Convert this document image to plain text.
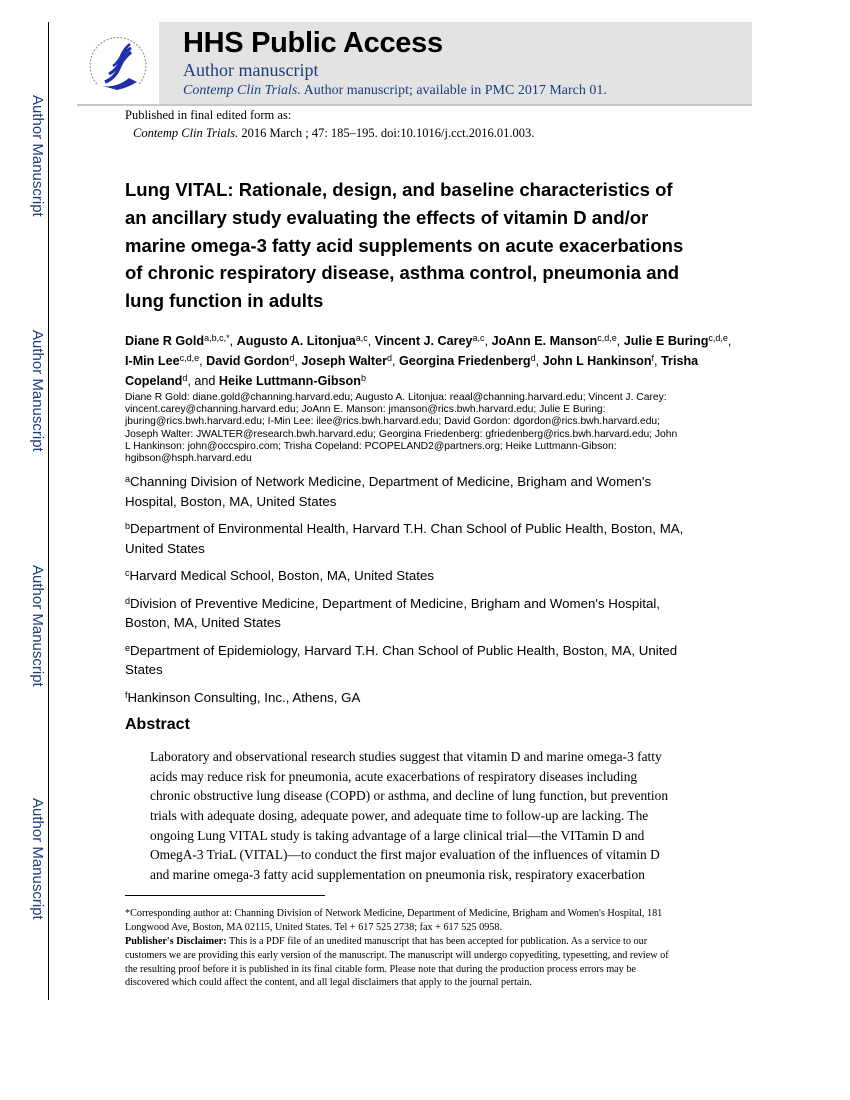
Author Manuscript
Author Manuscript
Author Manuscript
Author Manuscript
HHS Public Access
Author manuscript
Contemp Clin Trials. Author manuscript; available in PMC 2017 March 01.
Published in final edited form as:
Contemp Clin Trials. 2016 March ; 47: 185–195. doi:10.1016/j.cct.2016.01.003.
Lung VITAL: Rationale, design, and baseline characteristics of
an ancillary study evaluating the effects of vitamin D and/or
marine omega-3 fatty acid supplements on acute exacerbations
of chronic respiratory disease, asthma control, pneumonia and
lung function in adults
Diane R Gold$^{a,b,c,*}$, Augusto A. Litonjua$^{a,c}$, Vincent J. Carey$^{a,c}$, JoAnn E. Manson$^{c,d,e}$, Julie E Buring$^{c,d,e}$, I-Min Lee$^{c,d,e}$, David Gordon$^d$, Joseph Walter$^d$, Georgina Friedenberg$^d$, John L Hankinson$^f$, Trisha Copeland$^d$, and Heike Luttmann-Gibson$^b$
Diane R Gold: diane.gold@channing.harvard.edu; Augusto A. Litonjua: reaal@channing.harvard.edu; Vincent J. Carey:
vincent.carey@channing.harvard.edu; JoAnn E. Manson: jmanson@rics.bwh.harvard.edu; Julie E Buring:
jburing@rics.bwh.harvard.edu; I-Min Lee: ilee@rics.bwh.harvard.edu; David Gordon: dgordon@rics.bwh.harvard.edu;
Joseph Walter: JWALTER@research.bwh.harvard.edu; Georgina Friedenberg: gfriedenberg@rics.bwh.harvard.edu; John
L Hankinson: john@occspiro.com; Trisha Copeland: PCOPELAND2@partners.org; Heike Luttmann-Gibson:
hgibson@hsph.harvard.edu
$^a$Channing Division of Network Medicine, Department of Medicine, Brigham and Women's
Hospital, Boston, MA, United States
$^b$Department of Environmental Health, Harvard T.H. Chan School of Public Health, Boston, MA,
United States
$^c$Harvard Medical School, Boston, MA, United States
$^d$Division of Preventive Medicine, Department of Medicine, Brigham and Women's Hospital,
Boston, MA, United States
$^e$Department of Epidemiology, Harvard T.H. Chan School of Public Health, Boston, MA, United
States
$^f$Hankinson Consulting, Inc., Athens, GA
Abstract
Laboratory and observational research studies suggest that vitamin D and marine omega-3 fatty
acids may reduce risk for pneumonia, acute exacerbations of respiratory diseases including
chronic obstructive lung disease (COPD) or asthma, and decline of lung function, but prevention
trials with adequate dosing, adequate power, and adequate time to follow-up are lacking. The
ongoing Lung VITAL study is taking advantage of a large clinical trial—the VITamin D and
OmegA-3 TriaL (VITAL)—to conduct the first major evaluation of the influences of vitamin D
and marine omega-3 fatty acid supplementation on pneumonia risk, respiratory exacerbation
*Corresponding author at: Channing Division of Network Medicine, Department of Medicine, Brigham and Women's Hospital, 181
Longwood Ave, Boston, MA 02115, United States. Tel + 617 525 2738; fax + 617 525 0958.
Publisher's Disclaimer: This is a PDF file of an unedited manuscript that has been accepted for publication. As a service to our
customers we are providing this early version of the manuscript. The manuscript will undergo copyediting, typesetting, and review of
the resulting proof before it is published in its final citable form. Please note that during the production process errors may be
discovered which could affect the content, and all legal disclaimers that apply to the journal pertain.
